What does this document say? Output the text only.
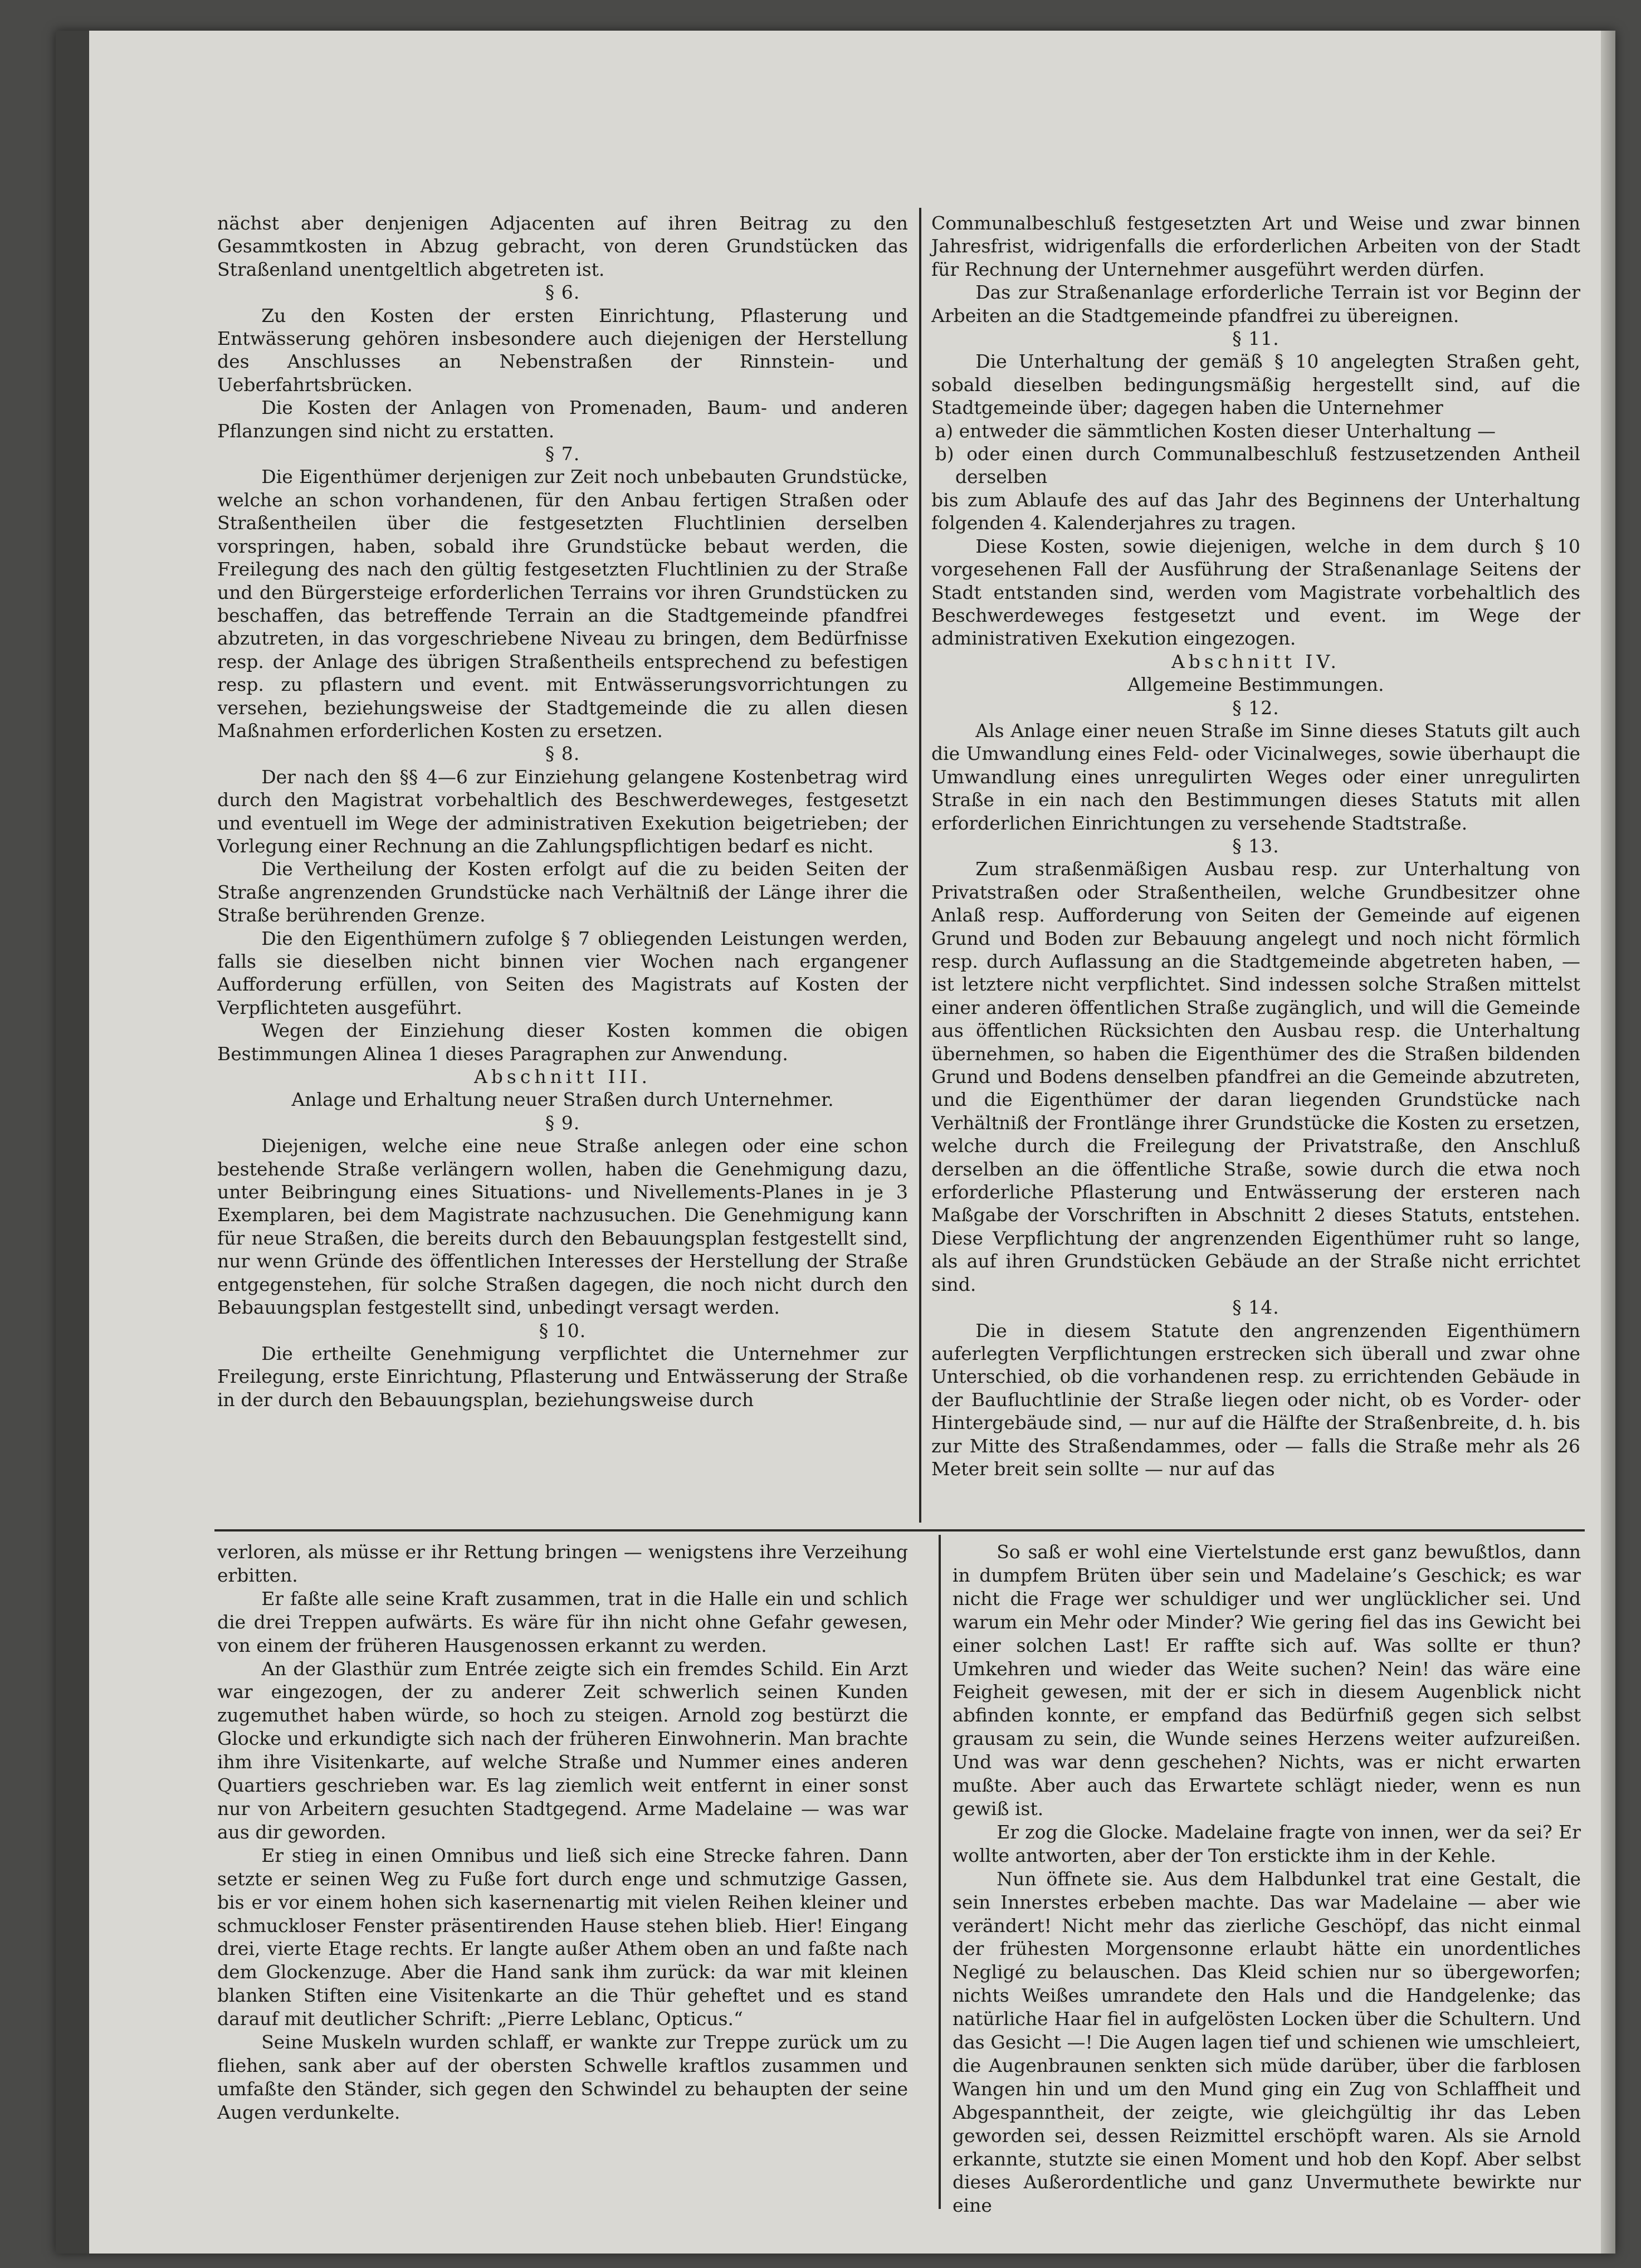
nächst aber denjenigen Adjacenten auf ihren Beitrag zu den Gesammtkosten in Abzug gebracht, von deren Grundstücken das Straßenland unentgeltlich abgetreten ist.

§ 6.

Zu den Kosten der ersten Einrichtung, Pflasterung und Entwässerung gehören insbesondere auch diejenigen der Herstellung des Anschlusses an Nebenstraßen der Rinnstein- und Ueberfahrtsbrücken.

Die Kosten der Anlagen von Promenaden, Baum- und anderen Pflanzungen sind nicht zu erstatten.

§ 7.

Die Eigenthümer derjenigen zur Zeit noch unbebauten Grundstücke, welche an schon vorhandenen, für den Anbau fertigen Straßen oder Straßentheilen über die festgesetzten Fluchtlinien derselben vorspringen, haben, sobald ihre Grundstücke bebaut werden, die Freilegung des nach den gültig festgesetzten Fluchtlinien zu der Straße und den Bürgersteige erforderlichen Terrains vor ihren Grundstücken zu beschaffen, das betreffende Terrain an die Stadtgemeinde pfandfrei abzutreten, in das vorgeschriebene Niveau zu bringen, dem Bedürfnisse resp. der Anlage des übrigen Straßentheils entsprechend zu befestigen resp. zu pflastern und event. mit Entwässerungsvorrichtungen zu versehen, beziehungsweise der Stadtgemeinde die zu allen diesen Maßnahmen erforderlichen Kosten zu ersetzen.

§ 8.

Der nach den §§ 4—6 zur Einziehung gelangene Kostenbetrag wird durch den Magistrat vorbehaltlich des Beschwerdeweges, festgesetzt und eventuell im Wege der administrativen Exekution beigetrieben; der Vorlegung einer Rechnung an die Zahlungspflichtigen bedarf es nicht.

Die Vertheilung der Kosten erfolgt auf die zu beiden Seiten der Straße angrenzenden Grundstücke nach Verhältniß der Länge ihrer die Straße berührenden Grenze.

Die den Eigenthümern zufolge § 7 obliegenden Leistungen werden, falls sie dieselben nicht binnen vier Wochen nach ergangener Aufforderung erfüllen, von Seiten des Magistrats auf Kosten der Verpflichteten ausgeführt.

Wegen der Einziehung dieser Kosten kommen die obigen Bestimmungen Alinea 1 dieses Paragraphen zur Anwendung.

Abschnitt III.

Anlage und Erhaltung neuer Straßen durch Unternehmer.

§ 9.

Diejenigen, welche eine neue Straße anlegen oder eine schon bestehende Straße verlängern wollen, haben die Genehmigung dazu, unter Beibringung eines Situations- und Nivellements-Planes in je 3 Exemplaren, bei dem Magistrate nachzusuchen. Die Genehmigung kann für neue Straßen, die bereits durch den Bebauungsplan festgestellt sind, nur wenn Gründe des öffentlichen Interesses der Herstellung der Straße entgegenstehen, für solche Straßen dagegen, die noch nicht durch den Bebauungsplan festgestellt sind, unbedingt versagt werden.

§ 10.

Die ertheilte Genehmigung verpflichtet die Unternehmer zur Freilegung, erste Einrichtung, Pflasterung und Entwässerung der Straße in der durch den Bebauungsplan, beziehungsweise durch

Communalbeschluß festgesetzten Art und Weise und zwar binnen Jahresfrist, widrigenfalls die erforderlichen Arbeiten von der Stadt für Rechnung der Unternehmer ausgeführt werden dürfen.

Das zur Straßenanlage erforderliche Terrain ist vor Beginn der Arbeiten an die Stadtgemeinde pfandfrei zu übereignen.

§ 11.

Die Unterhaltung der gemäß § 10 angelegten Straßen geht, sobald dieselben bedingungsmäßig hergestellt sind, auf die Stadtgemeinde über; dagegen haben die Unternehmer

a) entweder die sämmtlichen Kosten dieser Unterhaltung —

b) oder einen durch Communalbeschluß festzusetzenden Antheil derselben

bis zum Ablaufe des auf das Jahr des Beginnens der Unterhaltung folgenden 4. Kalenderjahres zu tragen.

Diese Kosten, sowie diejenigen, welche in dem durch § 10 vorgesehenen Fall der Ausführung der Straßenanlage Seitens der Stadt entstanden sind, werden vom Magistrate vorbehaltlich des Beschwerdeweges festgesetzt und event. im Wege der administrativen Exekution eingezogen.

Abschnitt IV.

Allgemeine Bestimmungen.

§ 12.

Als Anlage einer neuen Straße im Sinne dieses Statuts gilt auch die Umwandlung eines Feld- oder Vicinalweges, sowie überhaupt die Umwandlung eines unregulirten Weges oder einer unregulirten Straße in ein nach den Bestimmungen dieses Statuts mit allen erforderlichen Einrichtungen zu versehende Stadtstraße.

§ 13.

Zum straßenmäßigen Ausbau resp. zur Unterhaltung von Privatstraßen oder Straßentheilen, welche Grundbesitzer ohne Anlaß resp. Aufforderung von Seiten der Gemeinde auf eigenen Grund und Boden zur Bebauung angelegt und noch nicht förmlich resp. durch Auflassung an die Stadtgemeinde abgetreten haben, — ist letztere nicht verpflichtet. Sind indessen solche Straßen mittelst einer anderen öffentlichen Straße zugänglich, und will die Gemeinde aus öffentlichen Rücksichten den Ausbau resp. die Unterhaltung übernehmen, so haben die Eigenthümer des die Straßen bildenden Grund und Bodens denselben pfandfrei an die Gemeinde abzutreten, und die Eigenthümer der daran liegenden Grundstücke nach Verhältniß der Frontlänge ihrer Grundstücke die Kosten zu ersetzen, welche durch die Freilegung der Privatstraße, den Anschluß derselben an die öffentliche Straße, sowie durch die etwa noch erforderliche Pflasterung und Entwässerung der ersteren nach Maßgabe der Vorschriften in Abschnitt 2 dieses Statuts, entstehen. Diese Verpflichtung der angrenzenden Eigenthümer ruht so lange, als auf ihren Grundstücken Gebäude an der Straße nicht errichtet sind.

§ 14.

Die in diesem Statute den angrenzenden Eigenthümern auferlegten Verpflichtungen erstrecken sich überall und zwar ohne Unterschied, ob die vorhandenen resp. zu errichtenden Gebäude in der Baufluchtlinie der Straße liegen oder nicht, ob es Vorder- oder Hintergebäude sind, — nur auf die Hälfte der Straßenbreite, d. h. bis zur Mitte des Straßendammes, oder — falls die Straße mehr als 26 Meter breit sein sollte — nur auf das

verloren, als müsse er ihr Rettung bringen — wenigstens ihre Verzeihung erbitten.

Er faßte alle seine Kraft zusammen, trat in die Halle ein und schlich die drei Treppen aufwärts. Es wäre für ihn nicht ohne Gefahr gewesen, von einem der früheren Hausgenossen erkannt zu werden.

An der Glasthür zum Entrée zeigte sich ein fremdes Schild. Ein Arzt war eingezogen, der zu anderer Zeit schwerlich seinen Kunden zugemuthet haben würde, so hoch zu steigen. Arnold zog bestürzt die Glocke und erkundigte sich nach der früheren Einwohnerin. Man brachte ihm ihre Visitenkarte, auf welche Straße und Nummer eines anderen Quartiers geschrieben war. Es lag ziemlich weit entfernt in einer sonst nur von Arbeitern gesuchten Stadtgegend. Arme Madelaine — was war aus dir geworden.

Er stieg in einen Omnibus und ließ sich eine Strecke fahren. Dann setzte er seinen Weg zu Fuße fort durch enge und schmutzige Gassen, bis er vor einem hohen sich kasernenartig mit vielen Reihen kleiner und schmuckloser Fenster präsentirenden Hause stehen blieb. Hier! Eingang drei, vierte Etage rechts. Er langte außer Athem oben an und faßte nach dem Glockenzuge. Aber die Hand sank ihm zurück: da war mit kleinen blanken Stiften eine Visitenkarte an die Thür geheftet und es stand darauf mit deutlicher Schrift: „Pierre Leblanc, Opticus.“

Seine Muskeln wurden schlaff, er wankte zur Treppe zurück um zu fliehen, sank aber auf der obersten Schwelle kraftlos zusammen und umfaßte den Ständer, sich gegen den Schwindel zu behaupten der seine Augen verdunkelte.

So saß er wohl eine Viertelstunde erst ganz bewußtlos, dann in dumpfem Brüten über sein und Madelaine’s Geschick; es war nicht die Frage wer schuldiger und wer unglücklicher sei. Und warum ein Mehr oder Minder? Wie gering fiel das ins Gewicht bei einer solchen Last! Er raffte sich auf. Was sollte er thun? Umkehren und wieder das Weite suchen? Nein! das wäre eine Feigheit gewesen, mit der er sich in diesem Augenblick nicht abfinden konnte, er empfand das Bedürfniß gegen sich selbst grausam zu sein, die Wunde seines Herzens weiter aufzureißen. Und was war denn geschehen? Nichts, was er nicht erwarten mußte. Aber auch das Erwartete schlägt nieder, wenn es nun gewiß ist.

Er zog die Glocke. Madelaine fragte von innen, wer da sei? Er wollte antworten, aber der Ton erstickte ihm in der Kehle.

Nun öffnete sie. Aus dem Halbdunkel trat eine Gestalt, die sein Innerstes erbeben machte. Das war Madelaine — aber wie verändert! Nicht mehr das zierliche Geschöpf, das nicht einmal der frühesten Morgensonne erlaubt hätte ein unordentliches Negligé zu belauschen. Das Kleid schien nur so übergeworfen; nichts Weißes umrandete den Hals und die Handgelenke; das natürliche Haar fiel in aufgelösten Locken über die Schultern. Und das Gesicht —! Die Augen lagen tief und schienen wie umschleiert, die Augenbraunen senkten sich müde darüber, über die farblosen Wangen hin und um den Mund ging ein Zug von Schlaffheit und Abgespanntheit, der zeigte, wie gleichgültig ihr das Leben geworden sei, dessen Reizmittel erschöpft waren. Als sie Arnold erkannte, stutzte sie einen Moment und hob den Kopf. Aber selbst dieses Außerordentliche und ganz Unvermuthete bewirkte nur eine
